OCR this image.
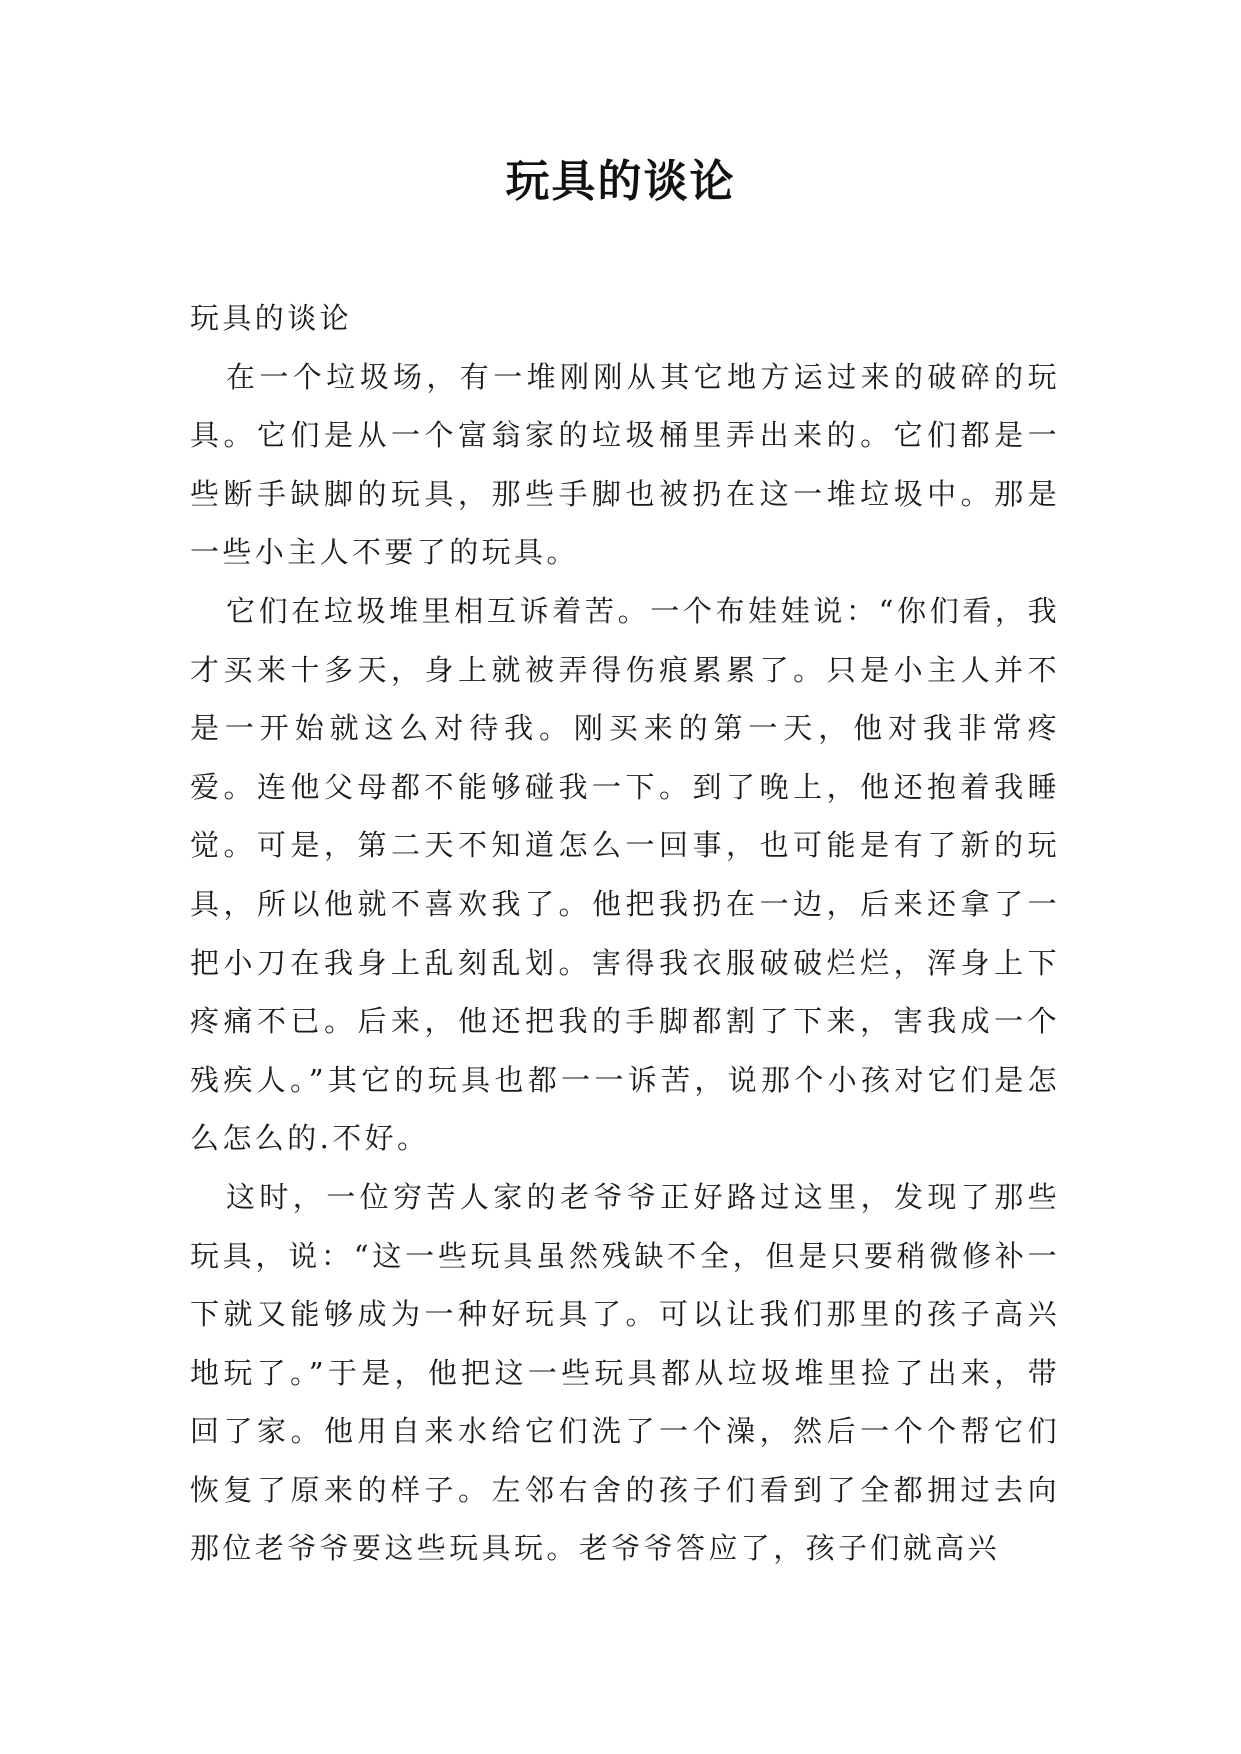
玩具的谈论

玩具的谈论

在一个垃圾场，有一堆刚刚从其它地方运过来的破碎的玩具。它们是从一个富翁家的垃圾桶里弄出来的。它们都是一些断手缺脚的玩具，那些手脚也被扔在这一堆垃圾中。那是一些小主人不要了的玩具。

它们在垃圾堆里相互诉着苦。一个布娃娃说：“你们看，我才买来十多天，身上就被弄得伤痕累累了。只是小主人并不是一开始就这么对待我。刚买来的第一天，他对我非常疼爱。连他父母都不能够碰我一下。到了晚上，他还抱着我睡觉。可是，第二天不知道怎么一回事，也可能是有了新的玩具，所以他就不喜欢我了。他把我扔在一边，后来还拿了一把小刀在我身上乱刻乱划。害得我衣服破破烂烂，浑身上下疼痛不已。后来，他还把我的手脚都割了下来，害我成一个残疾人。”其它的玩具也都一一诉苦，说那个小孩对它们是怎么怎么的.不好。

这时，一位穷苦人家的老爷爷正好路过这里，发现了那些玩具，说：“这一些玩具虽然残缺不全，但是只要稍微修补一下就又能够成为一种好玩具了。可以让我们那里的孩子高兴地玩了。”于是，他把这一些玩具都从垃圾堆里捡了出来，带回了家。他用自来水给它们洗了一个澡，然后一个个帮它们恢复了原来的样子。左邻右舍的孩子们看到了全都拥过去向那位老爷爷要这些玩具玩。老爷爷答应了，孩子们就高兴
